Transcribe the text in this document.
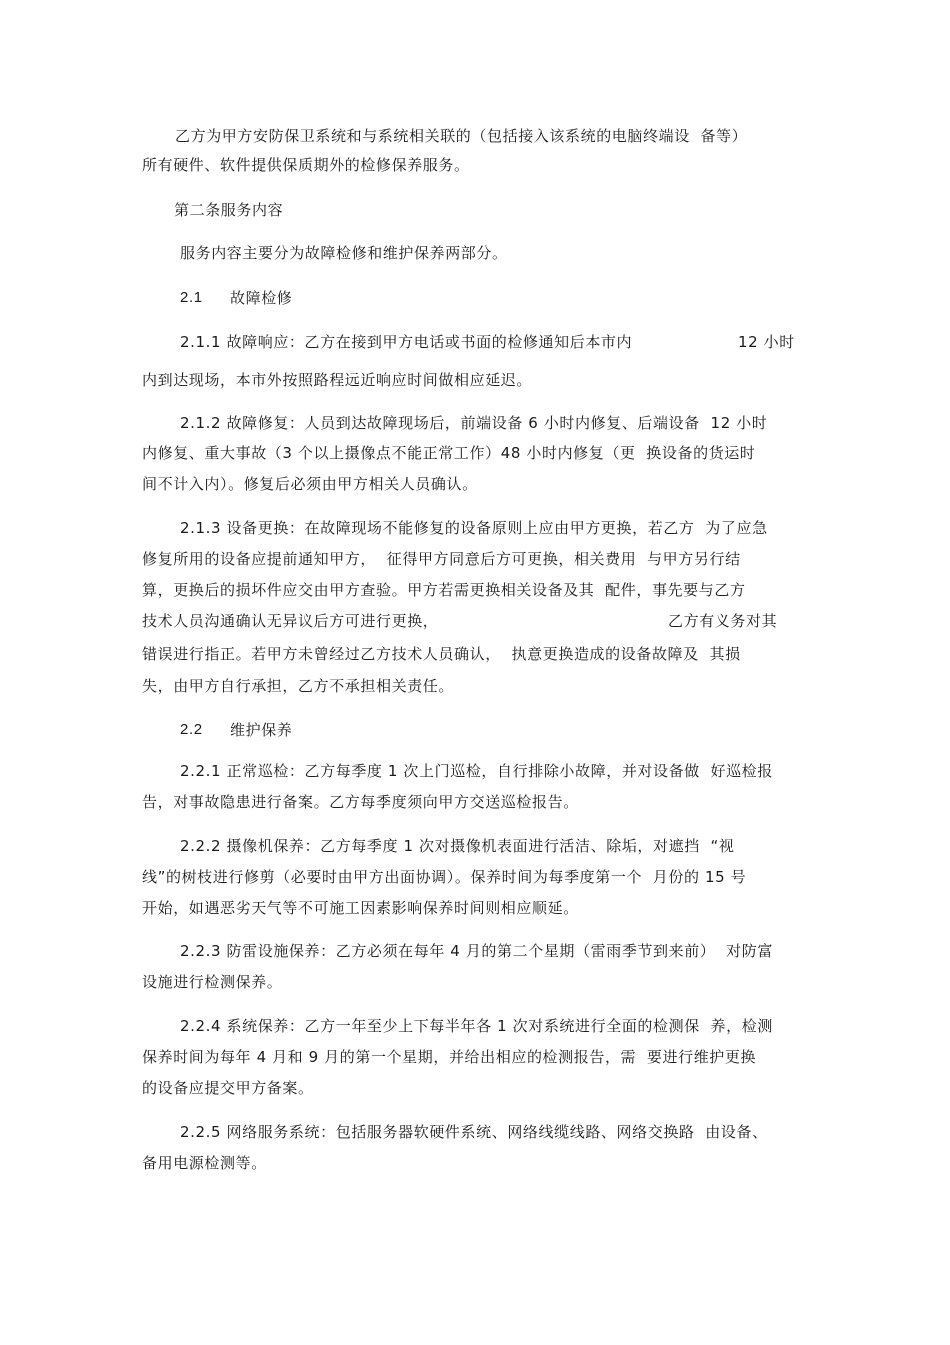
乙方为甲方安防保卫系统和与系统相关联的（包括接入该系统的电脑终端设  备等）
所有硬件、软件提供保质期外的检修保养服务。
第二条服务内容
服务内容主要分为故障检修和维护保养两部分。
2.1 故障检修
2.1.1 故障响应：乙方在接到甲方电话或书面的检修通知后本市内	12 小时
内到达现场，本市外按照路程远近响应时间做相应延迟。
2.1.2 故障修复：人员到达故障现场后，前端设备 6 小时内修复、后端设备  12 小时
内修复、重大事故（3 个以上摄像点不能正常工作）48 小时内修复（更  换设备的货运时
间不计入内）。修复后必须由甲方相关人员确认。
2.1.3 设备更换：在故障现场不能修复的设备原则上应由甲方更换，若乙方  为了应急
修复所用的设备应提前通知甲方，  征得甲方同意后方可更换，相关费用  与甲方另行结
算，更换后的损坏件应交由甲方查验。甲方若需更换相关设备及其  配件，事先要与乙方
技术人员沟通确认无异议后方可进行更换，	乙方有义务对其
错误进行指正。若甲方未曾经过乙方技术人员确认，  执意更换造成的设备故障及  其损
失，由甲方自行承担，乙方不承担相关责任。
2.2 维护保养
2.2.1 正常巡检：乙方每季度 1 次上门巡检，自行排除小故障，并对设备做  好巡检报
告，对事故隐患进行备案。乙方每季度须向甲方交送巡检报告。
2.2.2 摄像机保养：乙方每季度 1 次对摄像机表面进行活洁、除垢，对遮挡  “视
线”的树枝进行修剪（必要时由甲方出面协调）。保养时间为每季度第一个  月份的 15 号
开始，如遇恶劣天气等不可施工因素影响保养时间则相应顺延。
2.2.3 防雷设施保养：乙方必须在每年 4 月的第二个星期（雷雨季节到来前）  对防富
设施进行检测保养。
2.2.4 系统保养：乙方一年至少上下每半年各 1 次对系统进行全面的检测保  养，检测
保养时间为每年 4 月和 9 月的第一个星期，并给出相应的检测报告，需  要进行维护更换
的设备应提交甲方备案。
2.2.5 网络服务系统：包括服务器软硬件系统、网络线缆线路、网络交换路  由设备、
备用电源检测等。
